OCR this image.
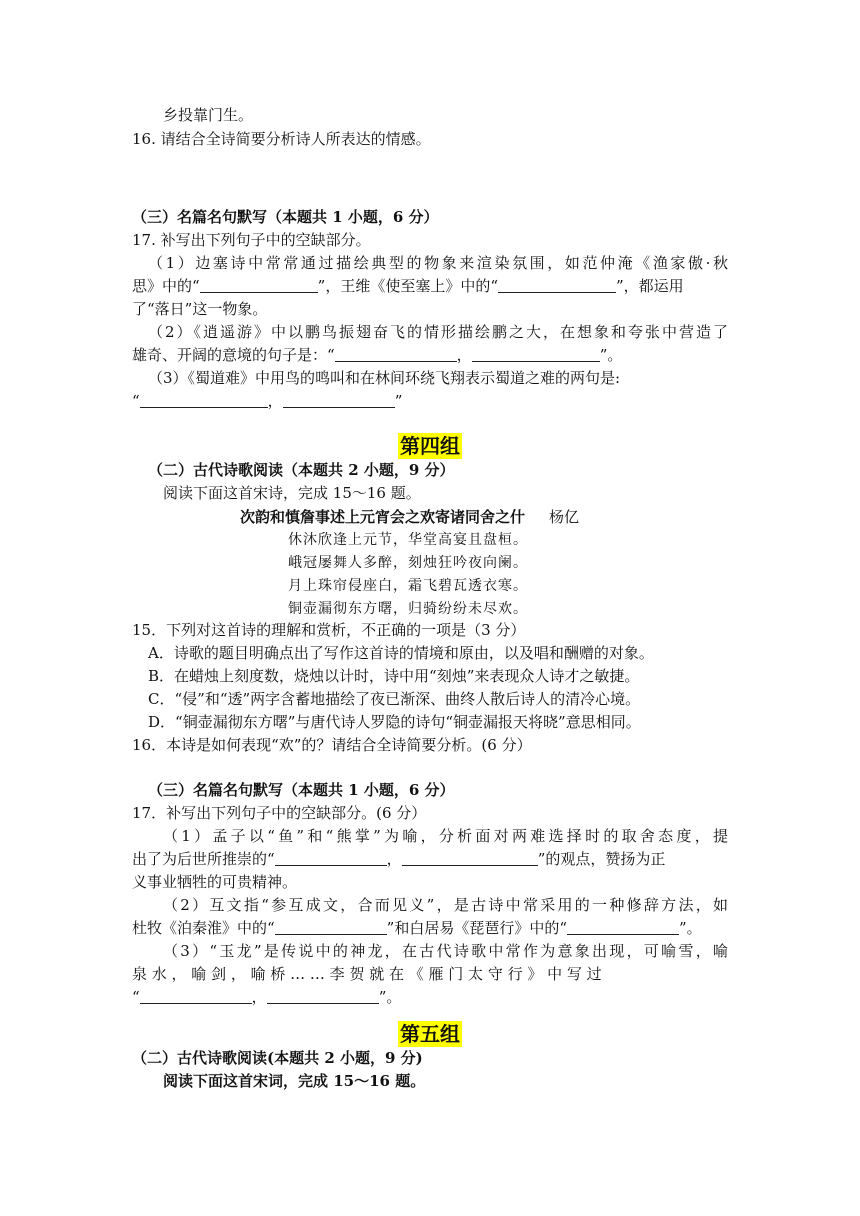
乡投靠门生。
16. 请结合全诗简要分析诗人所表达的情感。
（三）名篇名句默写（本题共 1 小题，6 分）
17. 补写出下列句子中的空缺部分。
（1）边塞诗中常常通过描绘典型的物象来渲染氛围，如范仲淹《渔家傲·秋
思》中的“	”，王维《使至塞上》中的“	”，都运用
了“落日”这一物象。
（2）《逍遥游》中以鹏鸟振翅奋飞的情形描绘鹏之大，在想象和夸张中营造了
雄奇、开阔的意境的句子是：“	，	”。
（3）《蜀道难》中用鸟的鸣叫和在林间环绕飞翔表示蜀道之难的两句是:
“	，	”
第四组
（二）古代诗歌阅读（本题共 2 小题，9 分）
阅读下面这首宋诗，完成 15～16 题。
次韵和慎詹事述上元宵会之欢寄诸同舍之什 杨亿
休沐欣逢上元节，华堂高宴且盘桓。
峨冠屡舞人多醉，刻烛狂吟夜向阑。
月上珠帘侵座白，霜飞碧瓦透衣寒。
铜壶漏彻东方曙，归骑纷纷未尽欢。
15．下列对这首诗的理解和赏析，不正确的一项是（3 分）
A．诗歌的题目明确点出了写作这首诗的情境和原由，以及唱和酬赠的对象。
B．在蜡烛上刻度数，烧烛以计时，诗中用“刻烛”来表现众人诗才之敏捷。
C．“侵”和“透”两字含蓄地描绘了夜已渐深、曲终人散后诗人的清冷心境。
D．“铜壶漏彻东方曙”与唐代诗人罗隐的诗句“铜壶漏报天将晓”意思相同。
16．本诗是如何表现“欢”的？请结合全诗简要分析。(6 分）
（三）名篇名句默写（本题共 1 小题，6 分）
17．补写出下列句子中的空缺部分。(6 分）
（1）孟子以“鱼”和“熊掌”为喻，分析面对两难选择时的取舍态度，提
出了为后世所推崇的“	，	”的观点，赞扬为正
义事业牺牲的可贵精神。
（2）互文指“参互成文，合而见义”，是古诗中常采用的一种修辞方法，如
杜牧《泊秦淮》中的“	”和白居易《琵琶行》中的“	”。
（3）“玉龙”是传说中的神龙，在古代诗歌中常作为意象出现，可喻雪，喻
泉 水 ， 喻 剑 ， 喻 桥 … … 李 贺 就 在 《 雁 门 太 守 行 》 中 写 过
“	，	”。
第五组
（二）古代诗歌阅读(本题共 2 小题，9 分)
阅读下面这首宋词，完成 15～16 题。
